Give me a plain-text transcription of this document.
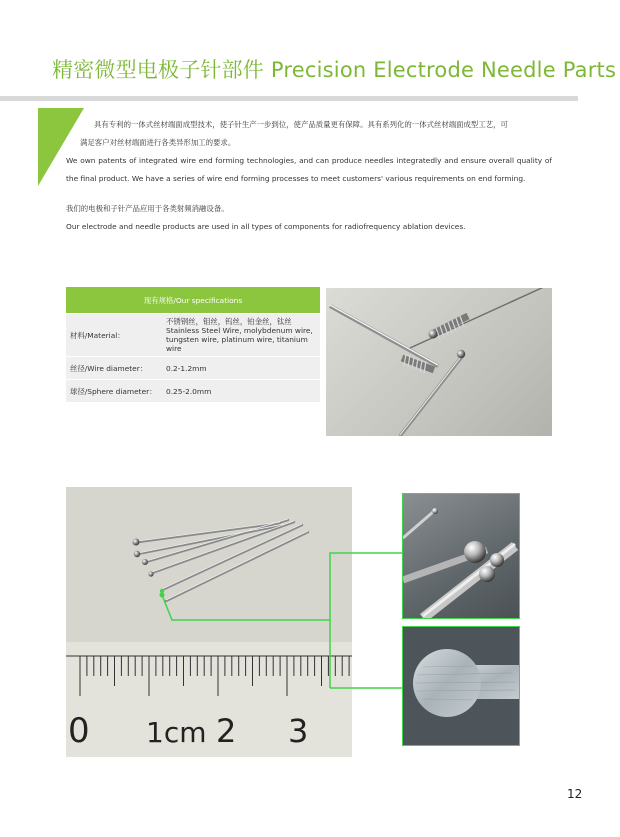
精密微型电极子针部件 Precision Electrode Needle Parts

具有专利的一体式丝材端面成型技术，使子针生产一步到位，使产品质量更有保障。具有系列化的一体式丝材端面成型工艺，可

满足客户对丝材端面进行各类异形加工的要求。

We own patents of integrated wire end forming technologies, and can produce needles integratedly and ensure overall quality of the final product. We have a series of wire end forming processes to meet customers' various requirements on end forming.

我们的电极和子针产品应用于各类射频消融设备。

Our electrode and needle products are used in all types of components for radiofrequency ablation devices.

现有规格/Our specifications	
材料/Material：	不锈钢丝，钼丝，钨丝，铂金丝，钛丝 Stainless Steel Wire, molybdenum wire, tungsten wire, platinum wire, titanium wire
丝径/Wire diameter：	0.2-1.2mm
球径/Sphere diameter：	0.25-2.0mm
0 1cm 2 3
12
